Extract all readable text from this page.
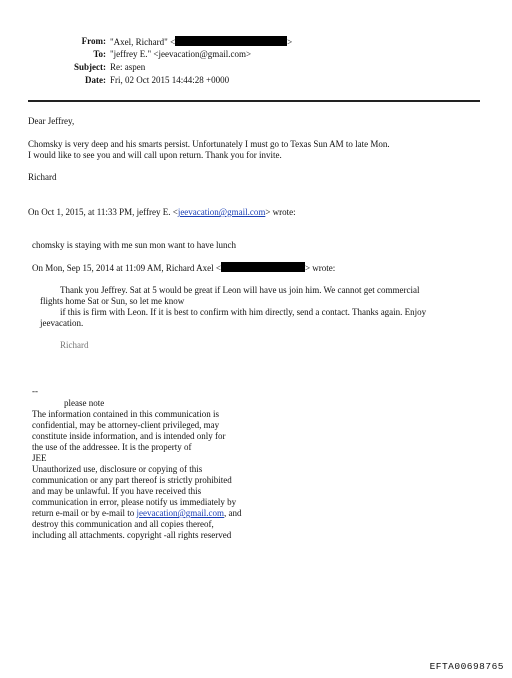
From: "Axel, Richard" <	>
To: "jeffrey E." <jeevacation@gmail.com>
Subject: Re: aspen
Date: Fri, 02 Oct 2015 14:44:28 +0000
Dear Jeffrey,
Chomsky is very deep and his smarts persist. Unfortunately I must go to Texas Sun AM to late Mon.
I would like to see you and will call upon return. Thank you for invite.
Richard
On Oct 1, 2015, at 11:33 PM, jeffrey E. <jeevacation@gmail.com> wrote:
chomsky is staying with me sun mon want to have lunch
On Mon, Sep 15, 2014 at 11:09 AM, Richard Axel <	> wrote:
Thank you Jeffrey. Sat at 5 would be great if Leon will have us join him. We cannot get commercial
flights home Sat or Sun, so let me know
if this is firm with Leon. If it is best to confirm with him directly, send a contact. Thanks again. Enjoy
jeevacation.
Richard
--
please note
The information contained in this communication is
confidential, may be attorney-client privileged, may
constitute inside information, and is intended only for
the use of the addressee. It is the property of
JEE
Unauthorized use, disclosure or copying of this
communication or any part thereof is strictly prohibited
and may be unlawful. If you have received this
communication in error, please notify us immediately by
return e-mail or by e-mail to jeevacation@gmail.com, and
destroy this communication and all copies thereof,
including all attachments. copyright -all rights reserved
EFTA00698765
